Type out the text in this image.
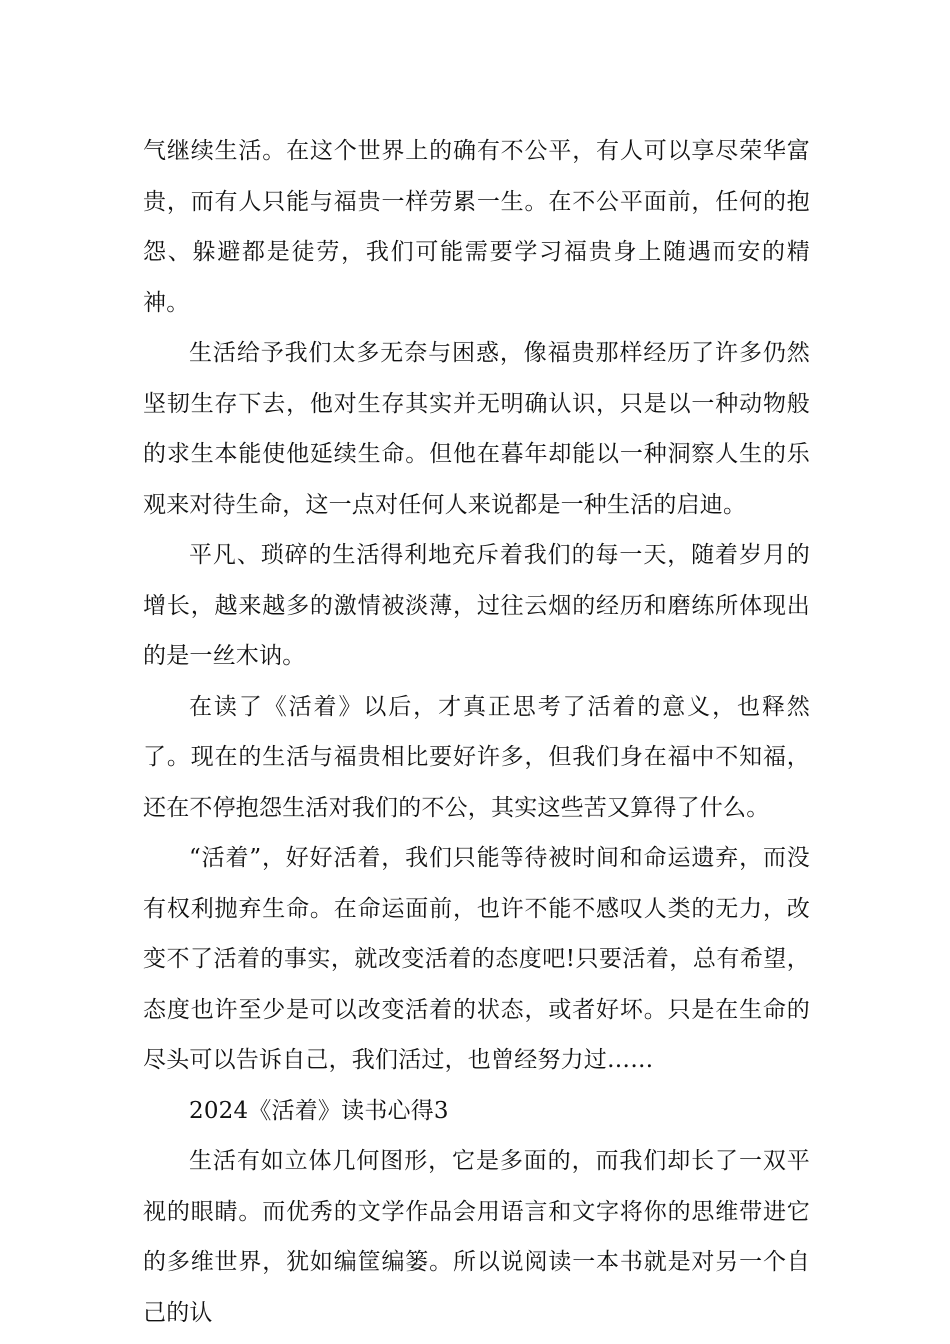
气继续生活。在这个世界上的确有不公平，有人可以享尽荣华富贵，而有人只能与福贵一样劳累一生。在不公平面前，任何的抱怨、躲避都是徒劳，我们可能需要学习福贵身上随遇而安的精神。

生活给予我们太多无奈与困惑，像福贵那样经历了许多仍然坚韧生存下去，他对生存其实并无明确认识，只是以一种动物般的求生本能使他延续生命。但他在暮年却能以一种洞察人生的乐观来对待生命，这一点对任何人来说都是一种生活的启迪。

平凡、琐碎的生活得利地充斥着我们的每一天，随着岁月的增长，越来越多的激情被淡薄，过往云烟的经历和磨练所体现出的是一丝木讷。

在读了《活着》以后，才真正思考了活着的意义，也释然了。现在的生活与福贵相比要好许多，但我们身在福中不知福，还在不停抱怨生活对我们的不公，其实这些苦又算得了什么。

“活着”，好好活着，我们只能等待被时间和命运遗弃，而没有权利抛弃生命。在命运面前，也许不能不感叹人类的无力，改变不了活着的事实，就改变活着的态度吧!只要活着，总有希望，态度也许至少是可以改变活着的状态，或者好坏。只是在生命的尽头可以告诉自己，我们活过，也曾经努力过……

2024《活着》读书心得3

生活有如立体几何图形，它是多面的，而我们却长了一双平视的眼睛。而优秀的文学作品会用语言和文字将你的思维带进它的多维世界，犹如编筐编篓。所以说阅读一本书就是对另一个自己的认
